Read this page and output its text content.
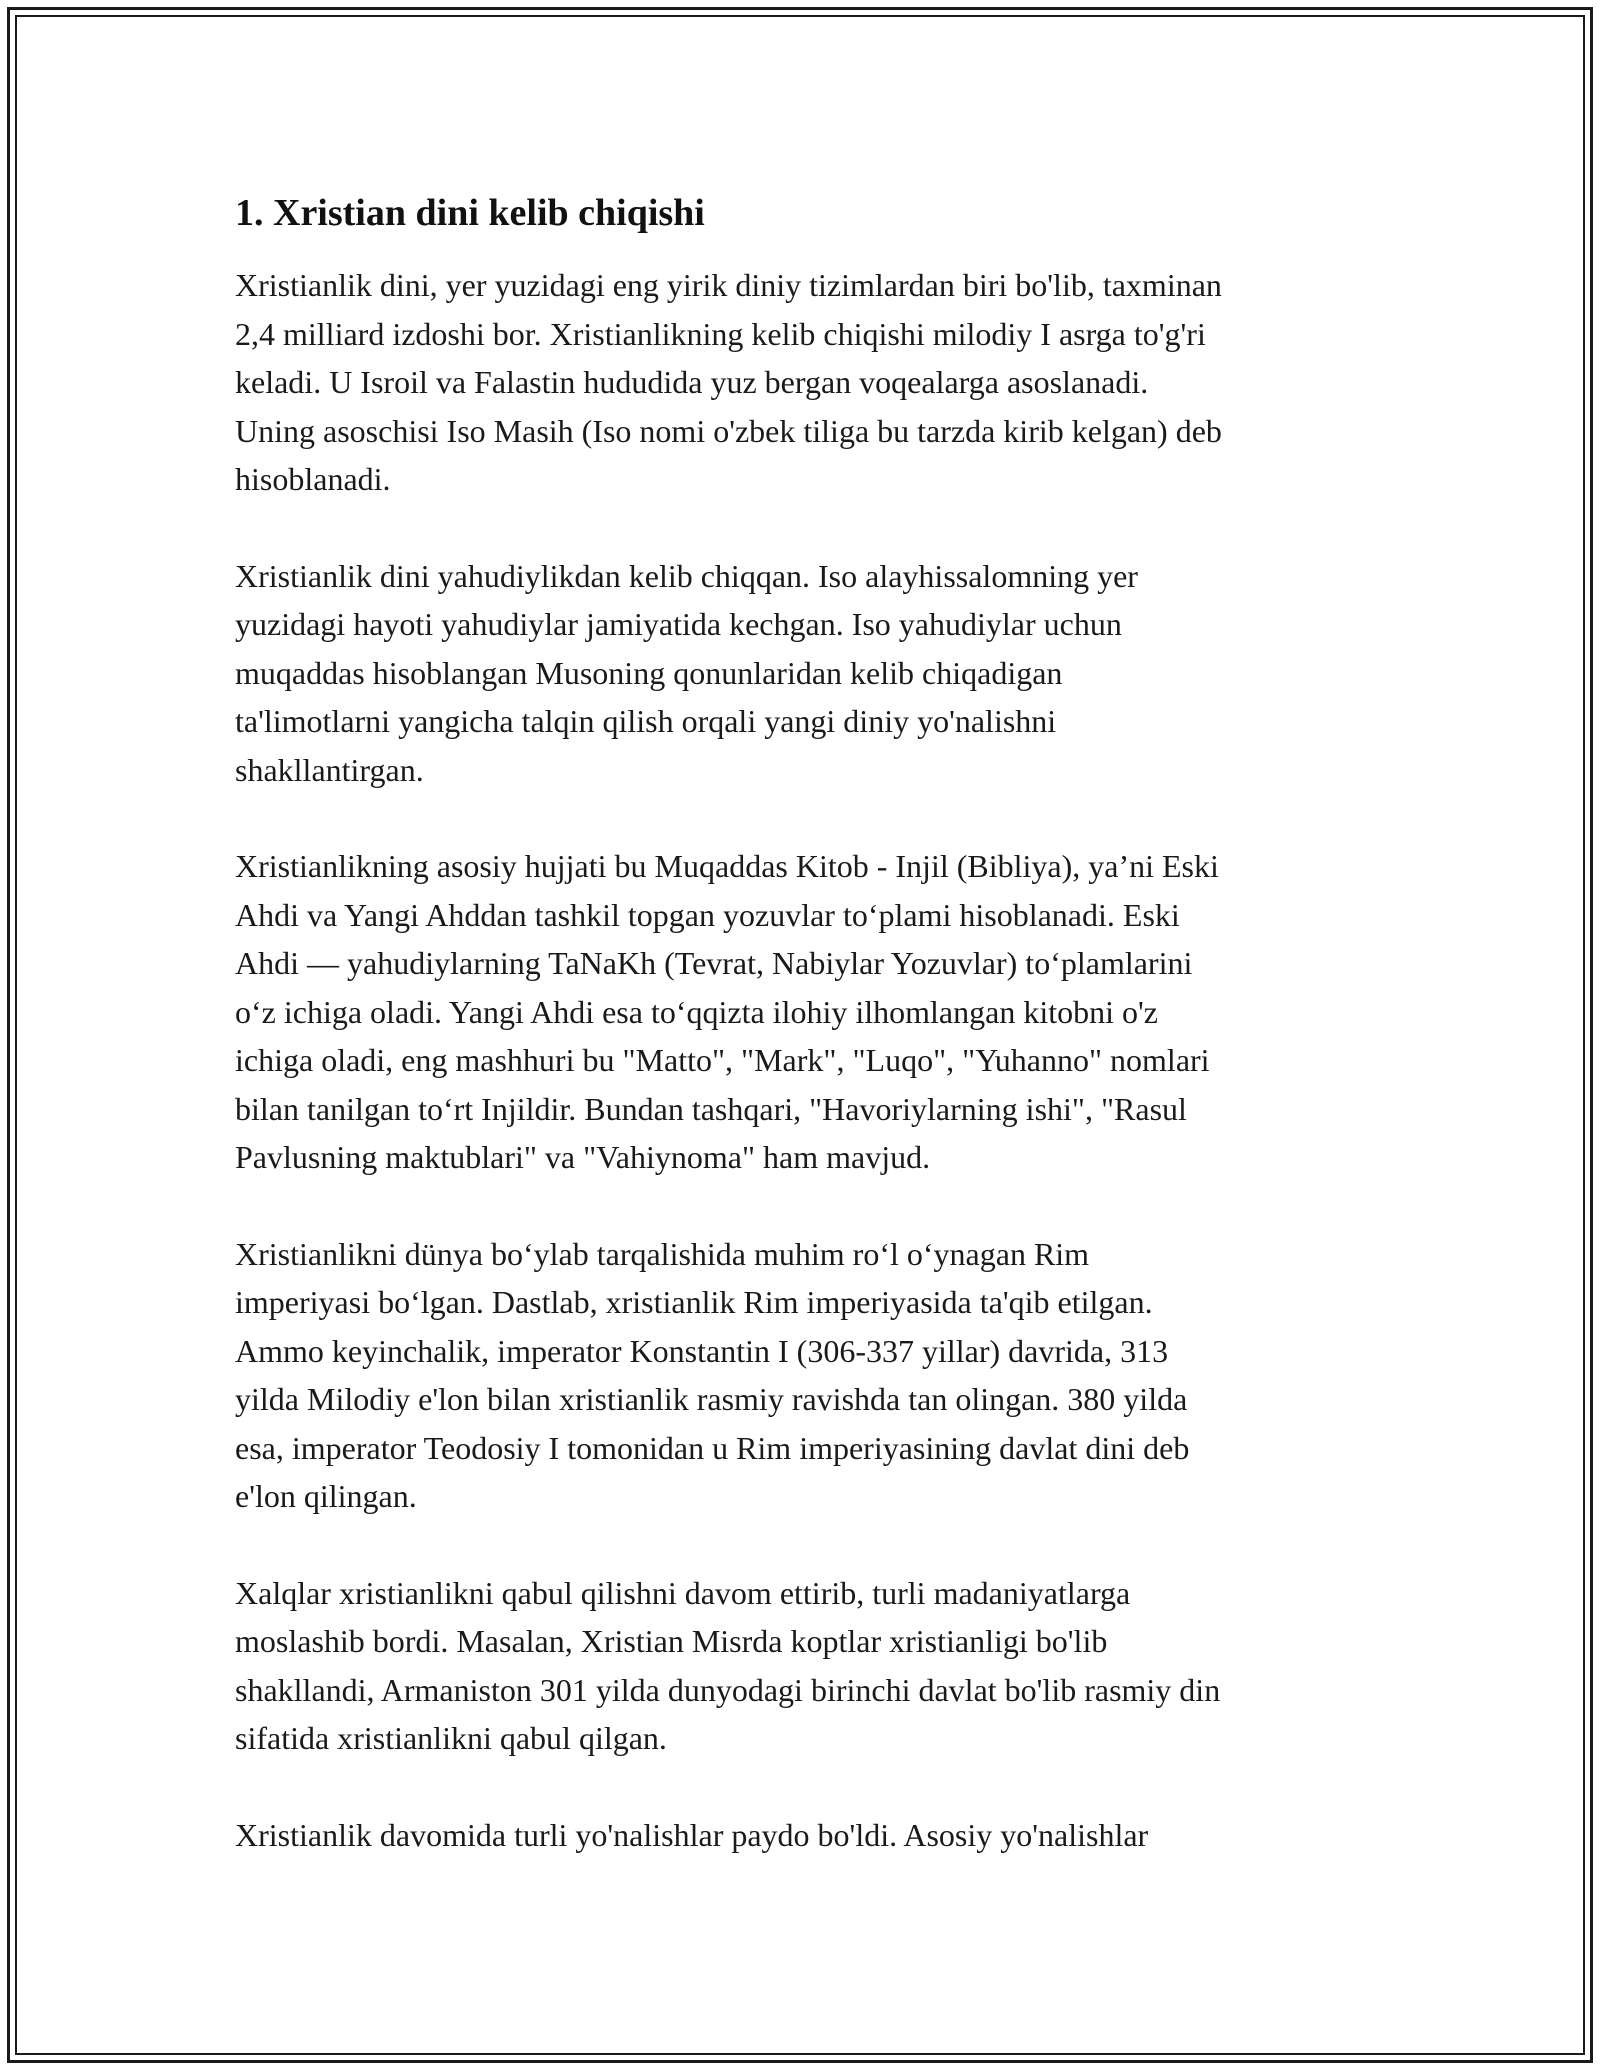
1. Xristian dini kelib chiqishi

Xristianlik dini, yer yuzidagi eng yirik diniy tizimlardan biri bo'lib, taxminan
2,4 milliard izdoshi bor. Xristianlikning kelib chiqishi milodiy I asrga to'g'ri
keladi. U Isroil va Falastin hududida yuz bergan voqealarga asoslanadi.
Uning asoschisi Iso Masih (Iso nomi o'zbek tiliga bu tarzda kirib kelgan) deb
hisoblanadi.

Xristianlik dini yahudiylikdan kelib chiqqan. Iso alayhissalomning yer
yuzidagi hayoti yahudiylar jamiyatida kechgan. Iso yahudiylar uchun
muqaddas hisoblangan Musoning qonunlaridan kelib chiqadigan
ta'limotlarni yangicha talqin qilish orqali yangi diniy yo'nalishni
shakllantirgan.

Xristianlikning asosiy hujjati bu Muqaddas Kitob - Injil (Bibliya), ya’ni Eski
Ahdi va Yangi Ahddan tashkil topgan yozuvlar to‘plami hisoblanadi. Eski
Ahdi — yahudiylarning TaNaKh (Tevrat, Nabiylar Yozuvlar) to‘plamlarini
o‘z ichiga oladi. Yangi Ahdi esa to‘qqizta ilohiy ilhomlangan kitobni o'z
ichiga oladi, eng mashhuri bu "Matto", "Mark", "Luqo", "Yuhanno" nomlari
bilan tanilgan to‘rt Injildir. Bundan tashqari, "Havoriylarning ishi", "Rasul
Pavlusning maktublari" va "Vahiynoma" ham mavjud.

Xristianlikni dünya bo‘ylab tarqalishida muhim ro‘l o‘ynagan Rim
imperiyasi bo‘lgan. Dastlab, xristianlik Rim imperiyasida ta'qib etilgan.
Ammo keyinchalik, imperator Konstantin I (306-337 yillar) davrida, 313
yilda Milodiy e'lon bilan xristianlik rasmiy ravishda tan olingan. 380 yilda
esa, imperator Teodosiy I tomonidan u Rim imperiyasining davlat dini deb
e'lon qilingan.

Xalqlar xristianlikni qabul qilishni davom ettirib, turli madaniyatlarga
moslashib bordi. Masalan, Xristian Misrda koptlar xristianligi bo'lib
shakllandi, Armaniston 301 yilda dunyodagi birinchi davlat bo'lib rasmiy din
sifatida xristianlikni qabul qilgan.

Xristianlik davomida turli yo'nalishlar paydo bo'ldi. Asosiy yo'nalishlar
